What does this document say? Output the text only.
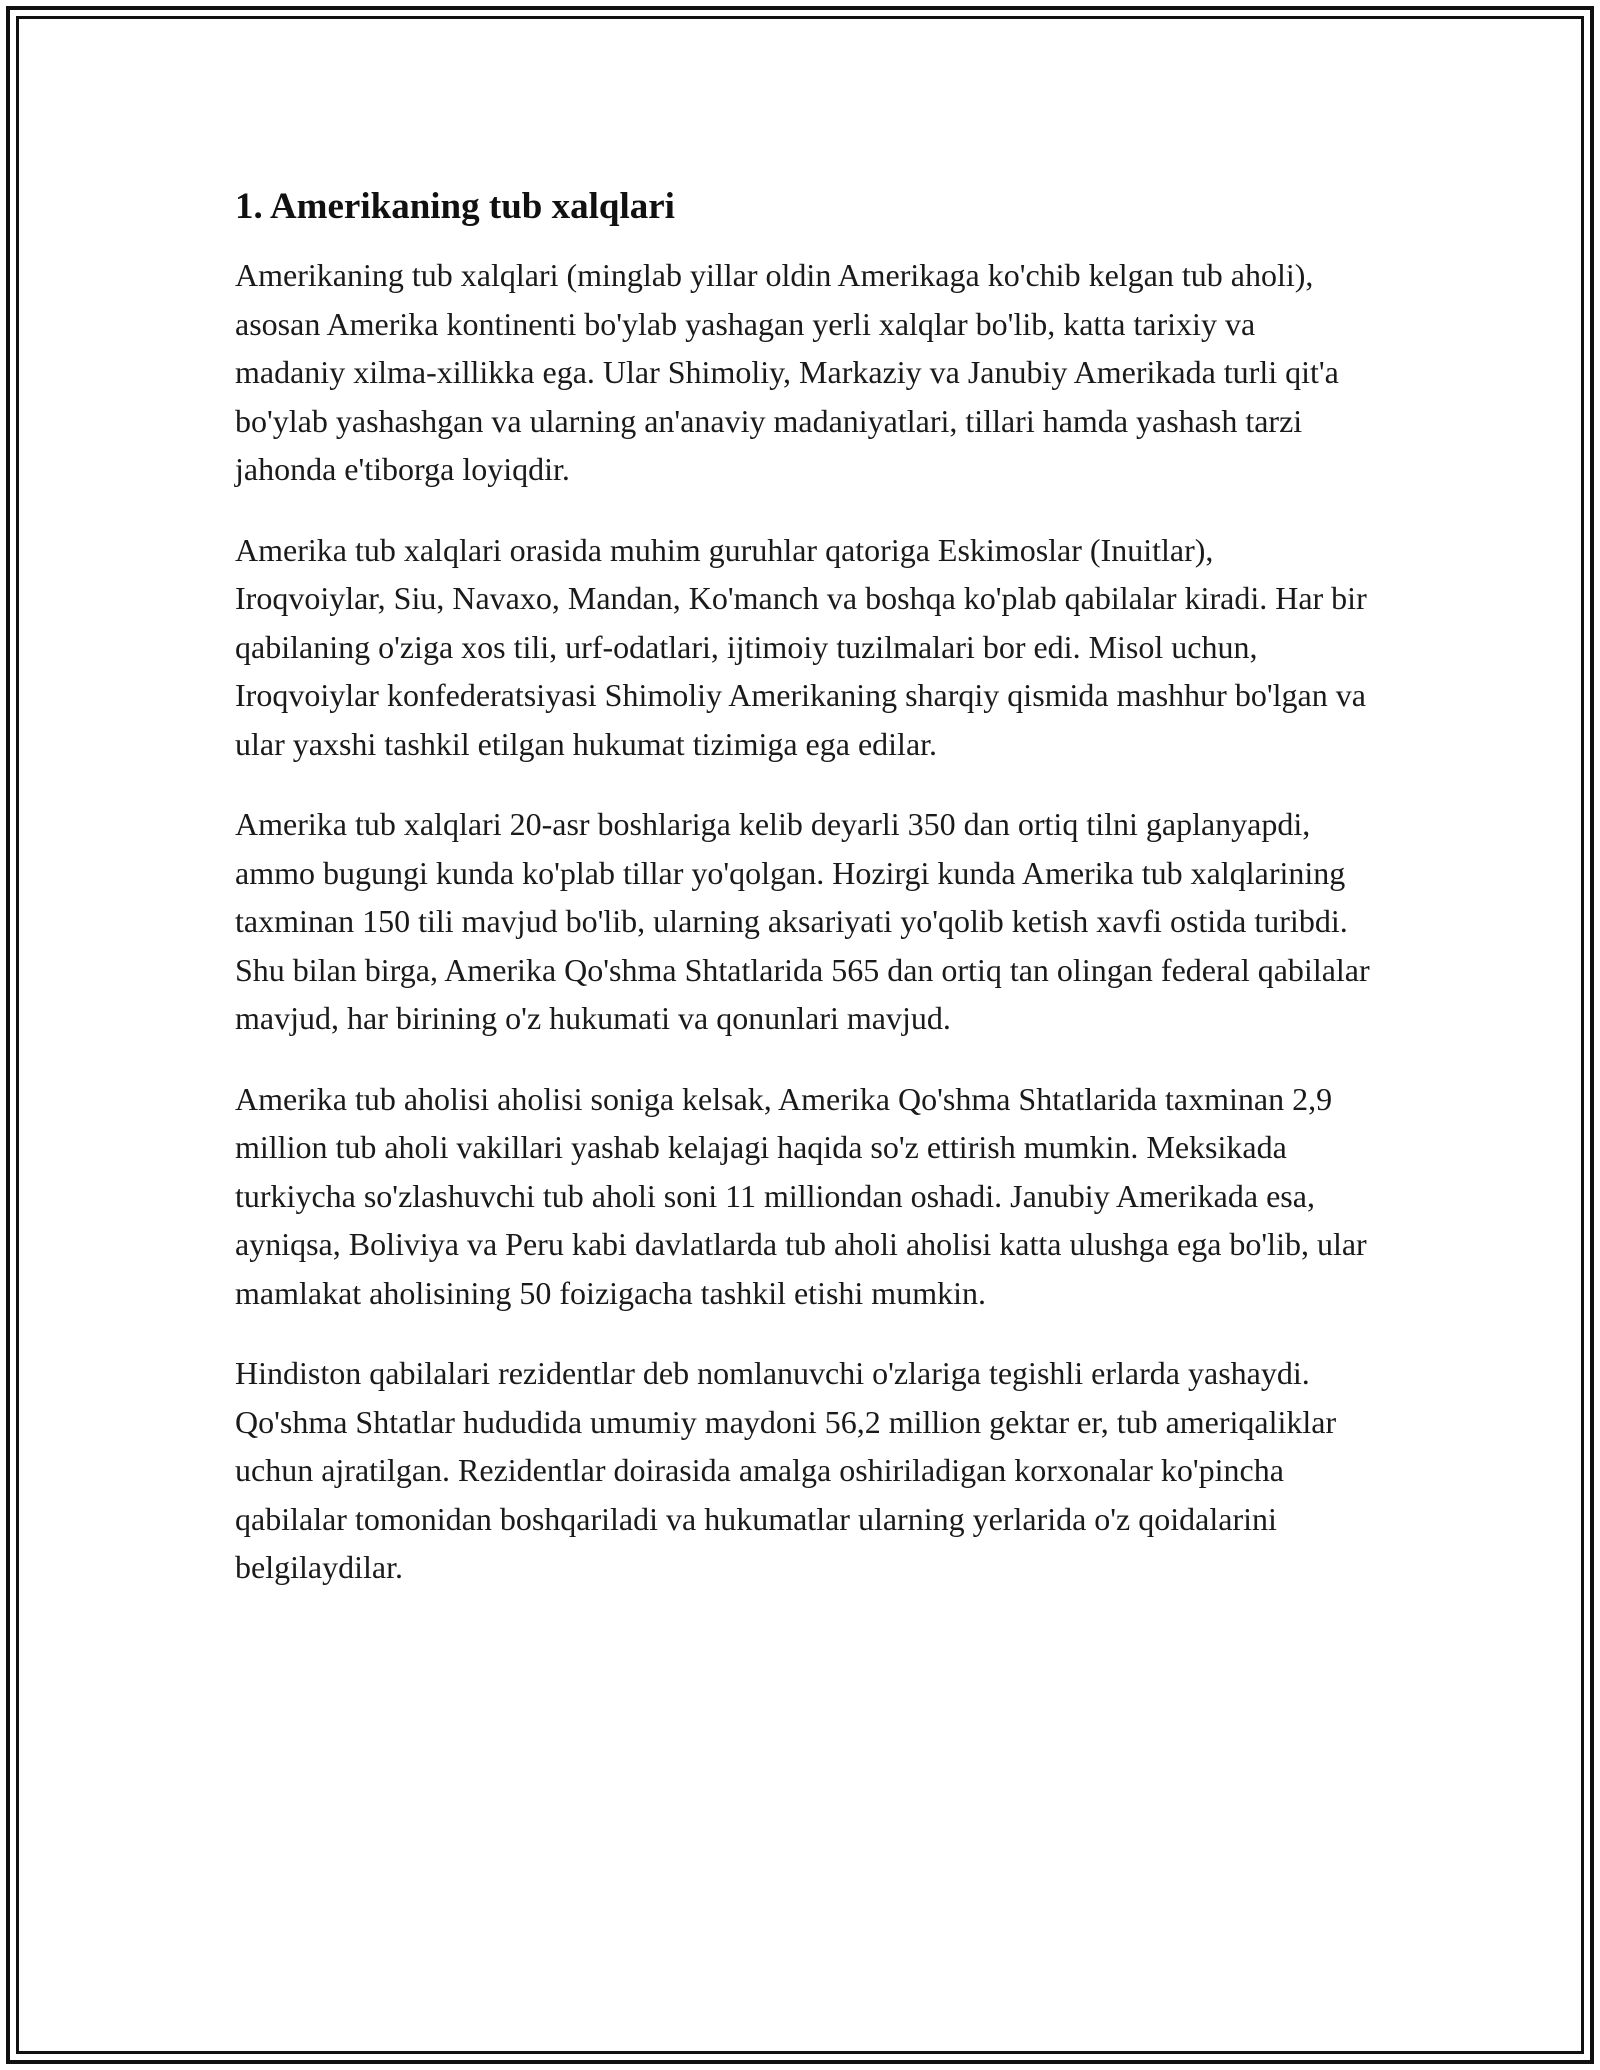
1. Amerikaning tub xalqlari

Amerikaning tub xalqlari (minglab yillar oldin Amerikaga ko'chib kelgan tub aholi), asosan Amerika kontinenti bo'ylab yashagan yerli xalqlar bo'lib, katta tarixiy va madaniy xilma-xillikka ega. Ular Shimoliy, Markaziy va Janubiy Amerikada turli qit'a bo'ylab yashashgan va ularning an'anaviy madaniyatlari, tillari hamda yashash tarzi jahonda e'tiborga loyiqdir.

Amerika tub xalqlari orasida muhim guruhlar qatoriga Eskimoslar (Inuitlar), Iroqvoiylar, Siu, Navaxo, Mandan, Ko'manch va boshqa ko'plab qabilalar kiradi. Har bir qabilaning o'ziga xos tili, urf-odatlari, ijtimoiy tuzilmalari bor edi. Misol uchun, Iroqvoiylar konfederatsiyasi Shimoliy Amerikaning sharqiy qismida mashhur bo'lgan va ular yaxshi tashkil etilgan hukumat tizimiga ega edilar.

Amerika tub xalqlari 20-asr boshlariga kelib deyarli 350 dan ortiq tilni gaplanyapdi, ammo bugungi kunda ko'plab tillar yo'qolgan. Hozirgi kunda Amerika tub xalqlarining taxminan 150 tili mavjud bo'lib, ularning aksariyati yo'qolib ketish xavfi ostida turibdi. Shu bilan birga, Amerika Qo'shma Shtatlarida 565 dan ortiq tan olingan federal qabilalar mavjud, har birining o'z hukumati va qonunlari mavjud.

Amerika tub aholisi aholisi soniga kelsak, Amerika Qo'shma Shtatlarida taxminan 2,9 million tub aholi vakillari yashab kelajagi haqida so'z ettirish mumkin. Meksikada turkiycha so'zlashuvchi tub aholi soni 11 milliondan oshadi. Janubiy Amerikada esa, ayniqsa, Boliviya va Peru kabi davlatlarda tub aholi aholisi katta ulushga ega bo'lib, ular mamlakat aholisining 50 foizigacha tashkil etishi mumkin.

Hindiston qabilalari rezidentlar deb nomlanuvchi o'zlariga tegishli erlarda yashaydi. Qo'shma Shtatlar hududida umumiy maydoni 56,2 million gektar er, tub ameriqaliklar uchun ajratilgan. Rezidentlar doirasida amalga oshiriladigan korxonalar ko'pincha qabilalar tomonidan boshqariladi va hukumatlar ularning yerlarida o'z qoidalarini belgilaydilar.
